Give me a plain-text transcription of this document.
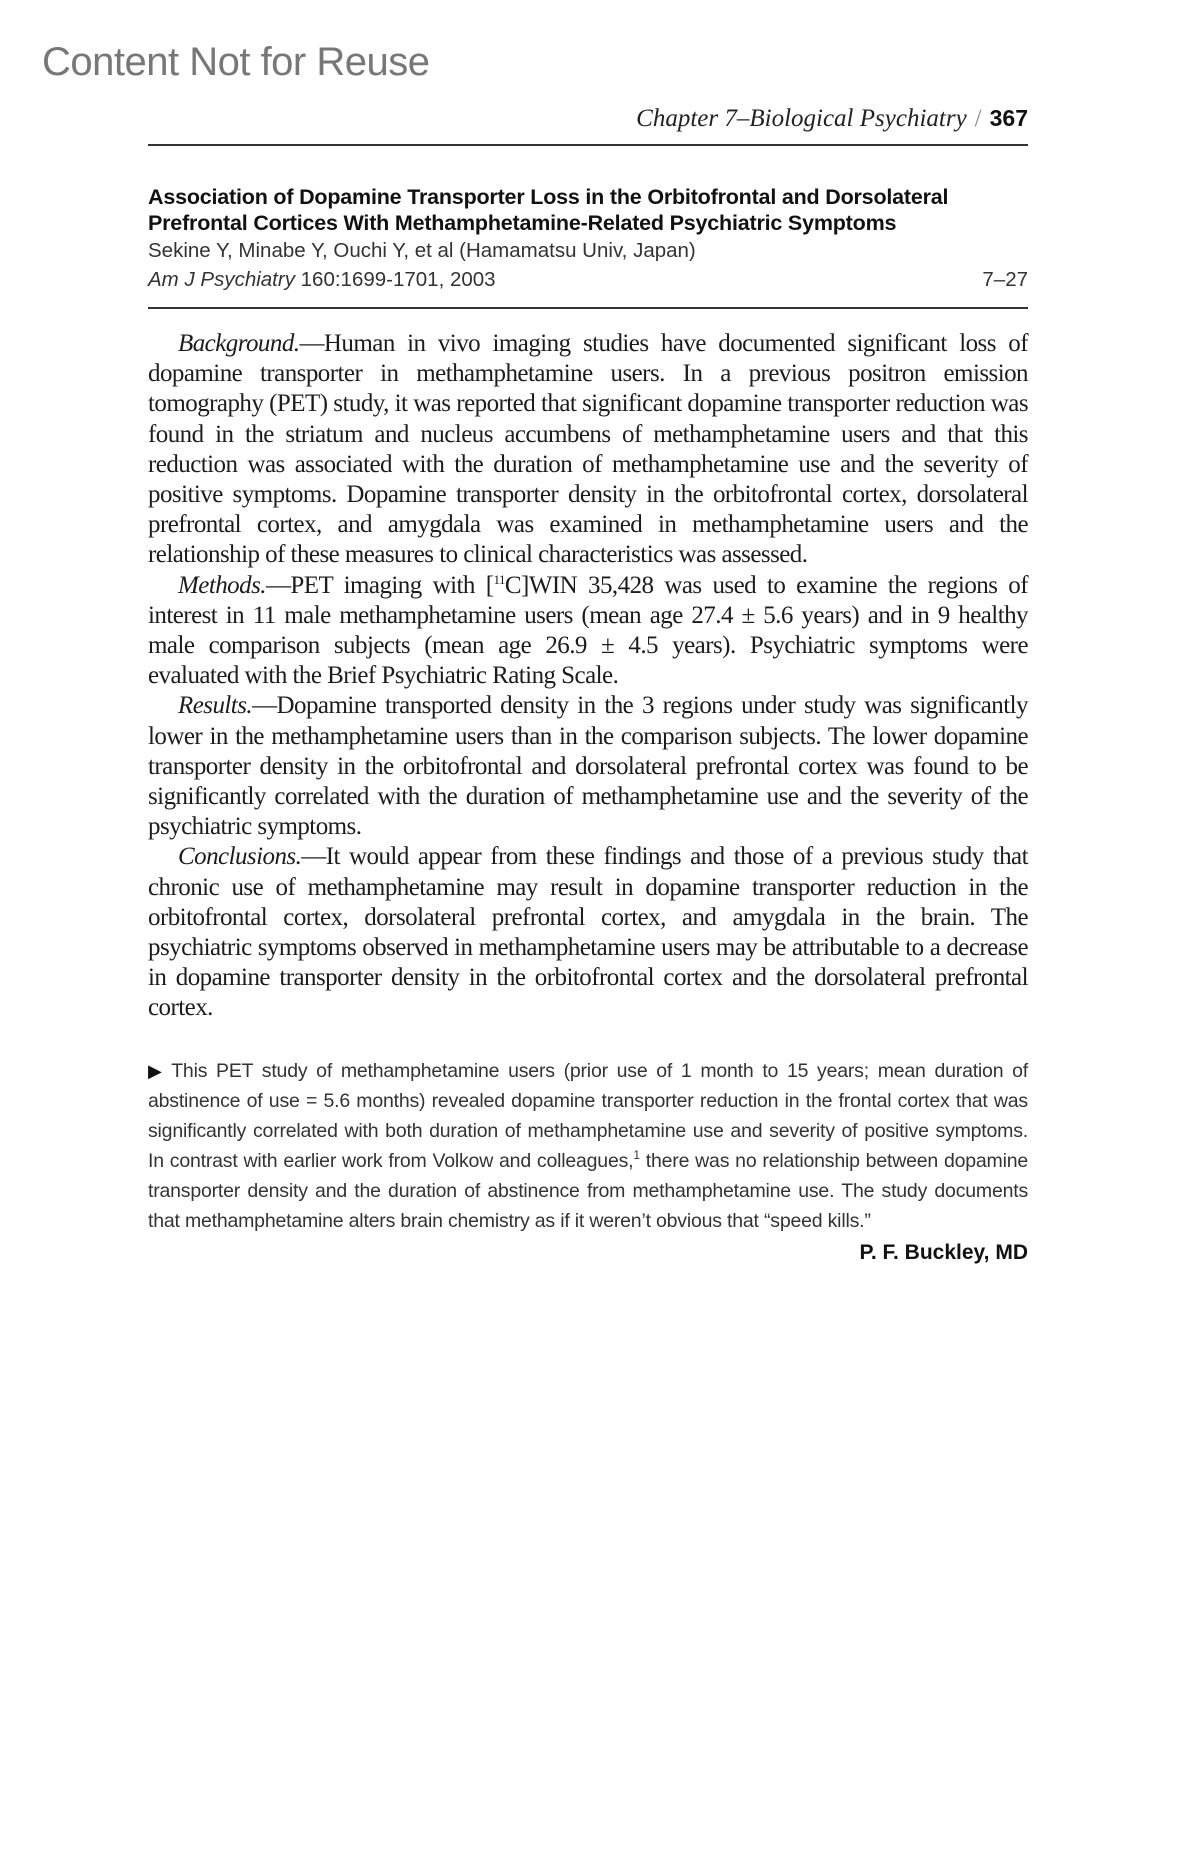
Content Not for Reuse
Chapter 7–Biological Psychiatry / 367
Association of Dopamine Transporter Loss in the Orbitofrontal and Dorsolateral Prefrontal Cortices With Methamphetamine-Related Psychiatric Symptoms
Sekine Y, Minabe Y, Ouchi Y, et al (Hamamatsu Univ, Japan)
Am J Psychiatry 160:1699-1701, 2003	7–27

Background.—Human in vivo imaging studies have documented significant loss of dopamine transporter in methamphetamine users. In a previous positron emission tomography (PET) study, it was reported that significant dopamine transporter reduction was found in the striatum and nucleus accumbens of methamphetamine users and that this reduction was associated with the duration of methamphetamine use and the severity of positive symptoms. Dopamine transporter density in the orbitofrontal cortex, dorsolateral prefrontal cortex, and amygdala was examined in methamphetamine users and the relationship of these measures to clinical characteristics was assessed.

Methods.—PET imaging with [$^{11}$C]WIN 35,428 was used to examine the regions of interest in 11 male methamphetamine users (mean age 27.4 ± 5.6 years) and in 9 healthy male comparison subjects (mean age 26.9 ± 4.5 years). Psychiatric symptoms were evaluated with the Brief Psychiatric Rating Scale.

Results.—Dopamine transported density in the 3 regions under study was significantly lower in the methamphetamine users than in the comparison subjects. The lower dopamine transporter density in the orbitofrontal and dorsolateral prefrontal cortex was found to be significantly correlated with the duration of methamphetamine use and the severity of the psychiatric symptoms.

Conclusions.—It would appear from these findings and those of a previous study that chronic use of methamphetamine may result in dopamine transporter reduction in the orbitofrontal cortex, dorsolateral prefrontal cortex, and amygdala in the brain. The psychiatric symptoms observed in methamphetamine users may be attributable to a decrease in dopamine transporter density in the orbitofrontal cortex and the dorsolateral prefrontal cortex.

▶ This PET study of methamphetamine users (prior use of 1 month to 15 years; mean duration of abstinence of use = 5.6 months) revealed dopamine transporter reduction in the frontal cortex that was significantly correlated with both duration of methamphetamine use and severity of positive symptoms. In contrast with earlier work from Volkow and colleagues,$^1$ there was no relationship between dopamine transporter density and the duration of abstinence from methamphetamine use. The study documents that methamphetamine alters brain chemistry as if it weren’t obvious that “speed kills.”
P. F. Buckley, MD
